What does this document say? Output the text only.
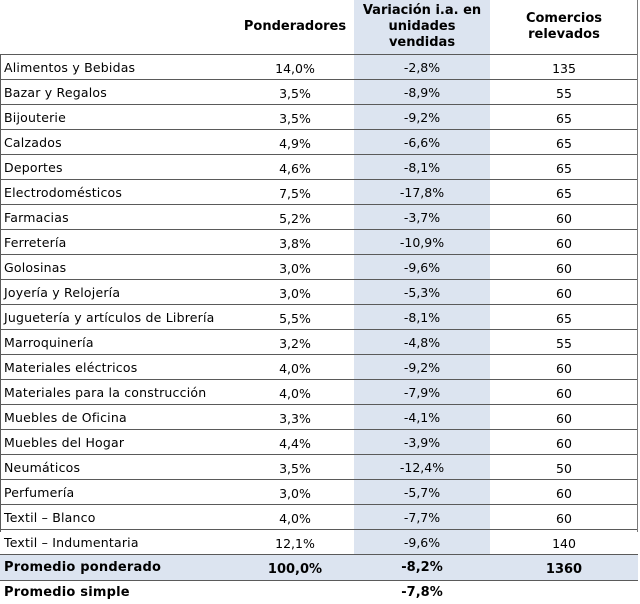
	Ponderadores	Variación i.a. en unidades vendidas	Comercios relevados
Alimentos y Bebidas	14,0%	-2,8%	135
Bazar y Regalos	3,5%	-8,9%	55
Bijouterie	3,5%	-9,2%	65
Calzados	4,9%	-6,6%	65
Deportes	4,6%	-8,1%	65
Electrodomésticos	7,5%	-17,8%	65
Farmacias	5,2%	-3,7%	60
Ferretería	3,8%	-10,9%	60
Golosinas	3,0%	-9,6%	60
Joyería y Relojería	3,0%	-5,3%	60
Juguetería y artículos de Librería	5,5%	-8,1%	65
Marroquinería	3,2%	-4,8%	55
Materiales eléctricos	4,0%	-9,2%	60
Materiales para la construcción	4,0%	-7,9%	60
Muebles de Oficina	3,3%	-4,1%	60
Muebles del Hogar	4,4%	-3,9%	60
Neumáticos	3,5%	-12,4%	50
Perfumería	3,0%	-5,7%	60
Textil – Blanco	4,0%	-7,7%	60
Textil – Indumentaria	12,1%	-9,6%	140
Promedio ponderado	100,0%	-8,2%	1360
Promedio simple		-7,8%	
